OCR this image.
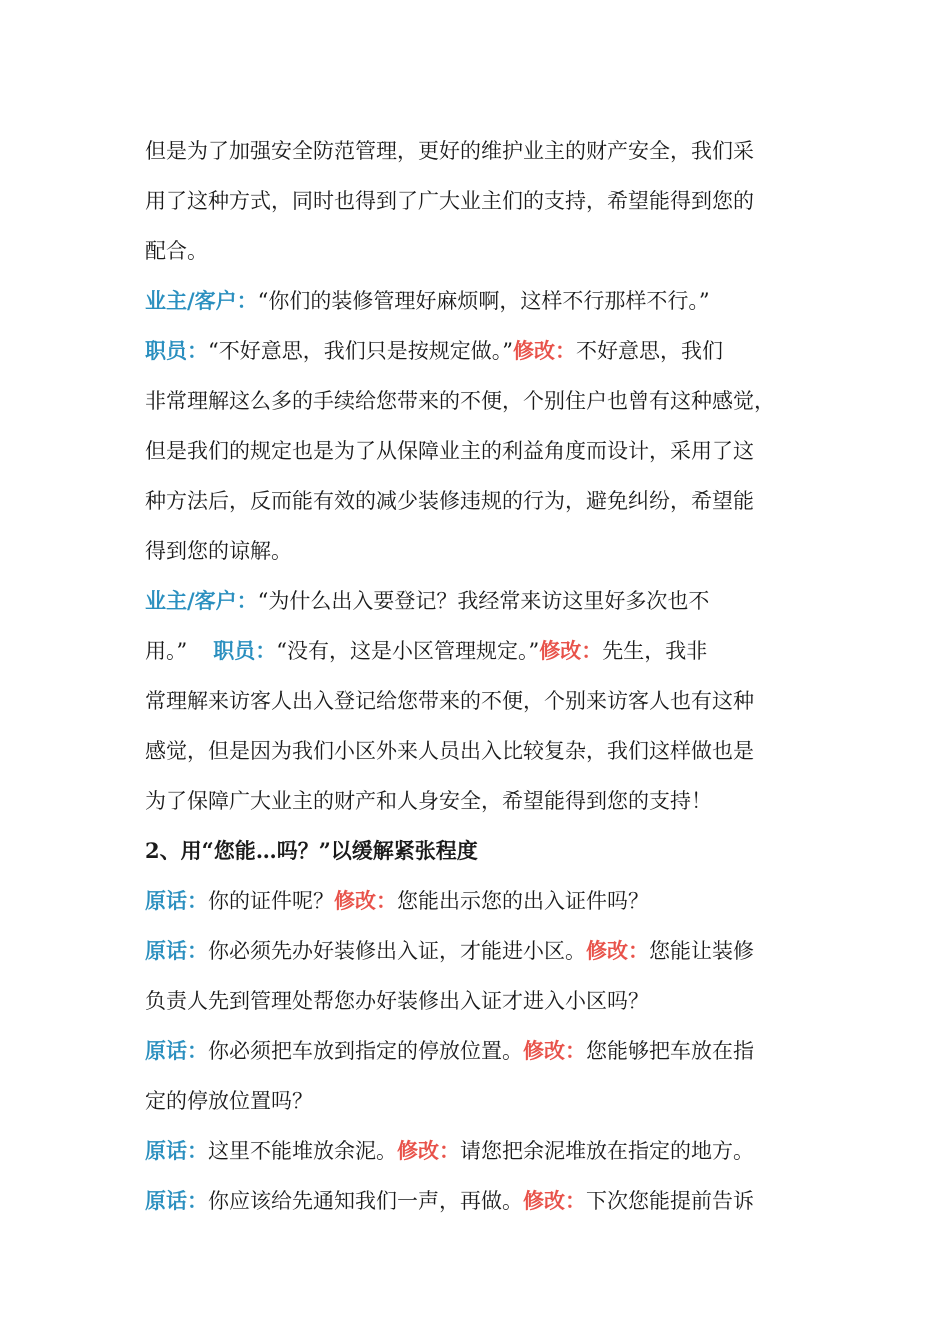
但是为了加强安全防范管理，更好的维护业主的财产安全，我们采
用了这种方式，同时也得到了广大业主们的支持，希望能得到您的
配合。
业主/客户：“你们的装修管理好麻烦啊，这样不行那样不行。”
职员：“不好意思，我们只是按规定做。”修改：不好意思，我们
非常理解这么多的手续给您带来的不便，个别住户也曾有这种感觉，
但是我们的规定也是为了从保障业主的利益角度而设计，采用了这
种方法后，反而能有效的减少装修违规的行为，避免纠纷，希望能
得到您的谅解。
业主/客户：“为什么出入要登记？我经常来访这里好多次也不
用。” 职员：“没有，这是小区管理规定。”修改：先生，我非
常理解来访客人出入登记给您带来的不便，个别来访客人也有这种
感觉，但是因为我们小区外来人员出入比较复杂，我们这样做也是
为了保障广大业主的财产和人身安全，希望能得到您的支持！
2、用“您能…吗？”以缓解紧张程度
原话：你的证件呢？修改：您能出示您的出入证件吗？
原话：你必须先办好装修出入证，才能进小区。修改：您能让装修
负责人先到管理处帮您办好装修出入证才进入小区吗？
原话：你必须把车放到指定的停放位置。修改：您能够把车放在指
定的停放位置吗？
原话：这里不能堆放余泥。修改：请您把余泥堆放在指定的地方。
原话：你应该给先通知我们一声，再做。修改：下次您能提前告诉
